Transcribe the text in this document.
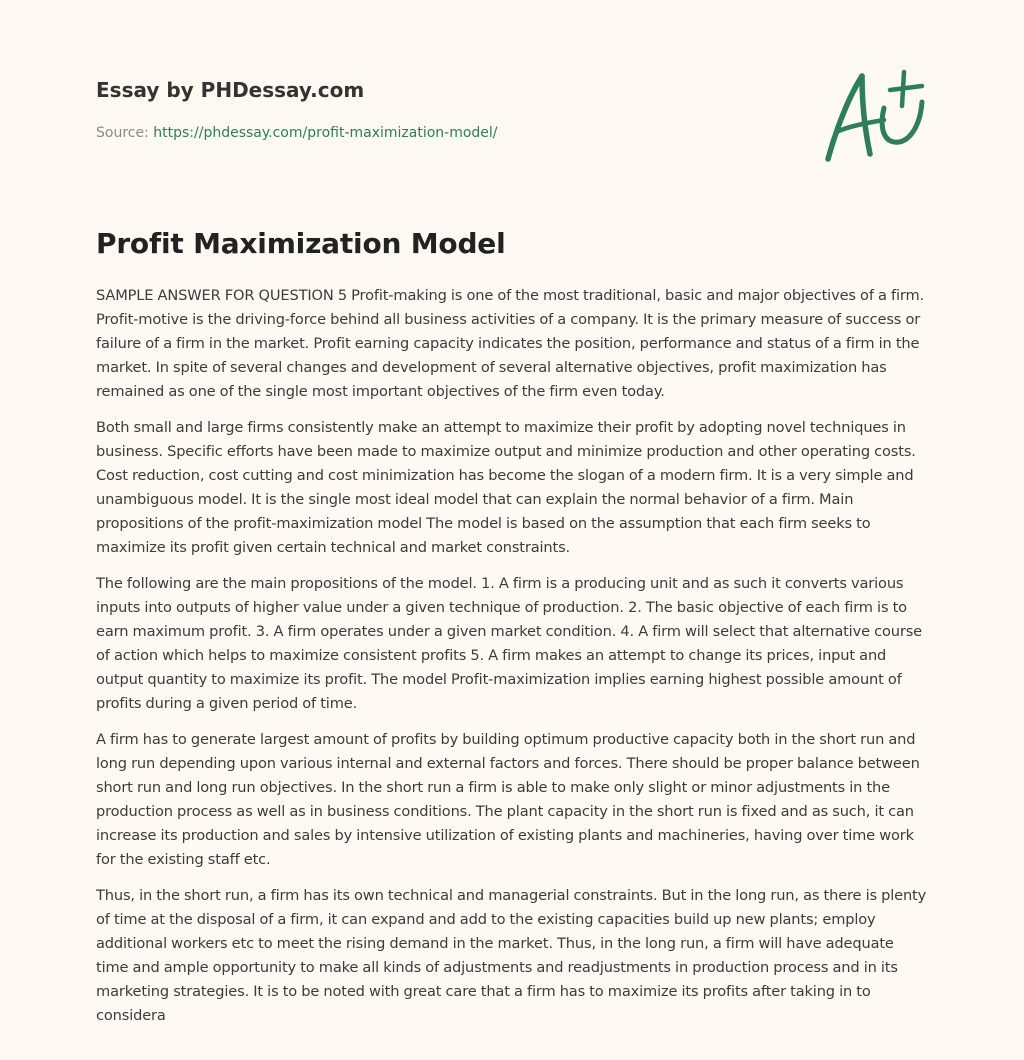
Essay by PHDessay.com
Source: https://phdessay.com/profit-maximization-model/
Profit Maximization Model

SAMPLE ANSWER FOR QUESTION 5 Profit-making is one of the most traditional, basic and major objectives of a firm. Profit-motive is the driving-force behind all business activities of a company. It is the primary measure of success or failure of a firm in the market. Profit earning capacity indicates the position, performance and status of a firm in the market. In spite of several changes and development of several alternative objectives, profit maximization has remained as one of the single most important objectives of the firm even today.

Both small and large firms consistently make an attempt to maximize their profit by adopting novel techniques in business. Specific efforts have been made to maximize output and minimize production and other operating costs. Cost reduction, cost cutting and cost minimization has become the slogan of a modern firm. It is a very simple and unambiguous model. It is the single most ideal model that can explain the normal behavior of a firm. Main propositions of the profit-maximization model The model is based on the assumption that each firm seeks to maximize its profit given certain technical and market constraints.

The following are the main propositions of the model. 1. A firm is a producing unit and as such it converts various inputs into outputs of higher value under a given technique of production. 2. The basic objective of each firm is to earn maximum profit. 3. A firm operates under a given market condition. 4. A firm will select that alternative course of action which helps to maximize consistent profits 5. A firm makes an attempt to change its prices, input and output quantity to maximize its profit. The model Profit-maximization implies earning highest possible amount of profits during a given period of time.

A firm has to generate largest amount of profits by building optimum productive capacity both in the short run and long run depending upon various internal and external factors and forces. There should be proper balance between short run and long run objectives. In the short run a firm is able to make only slight or minor adjustments in the production process as well as in business conditions. The plant capacity in the short run is fixed and as such, it can increase its production and sales by intensive utilization of existing plants and machineries, having over time work for the existing staff etc.

Thus, in the short run, a firm has its own technical and managerial constraints. But in the long run, as there is plenty of time at the disposal of a firm, it can expand and add to the existing capacities build up new plants; employ additional workers etc to meet the rising demand in the market. Thus, in the long run, a firm will have adequate time and ample opportunity to make all kinds of adjustments and readjustments in production process and in its marketing strategies. It is to be noted with great care that a firm has to maximize its profits after taking in to considera
